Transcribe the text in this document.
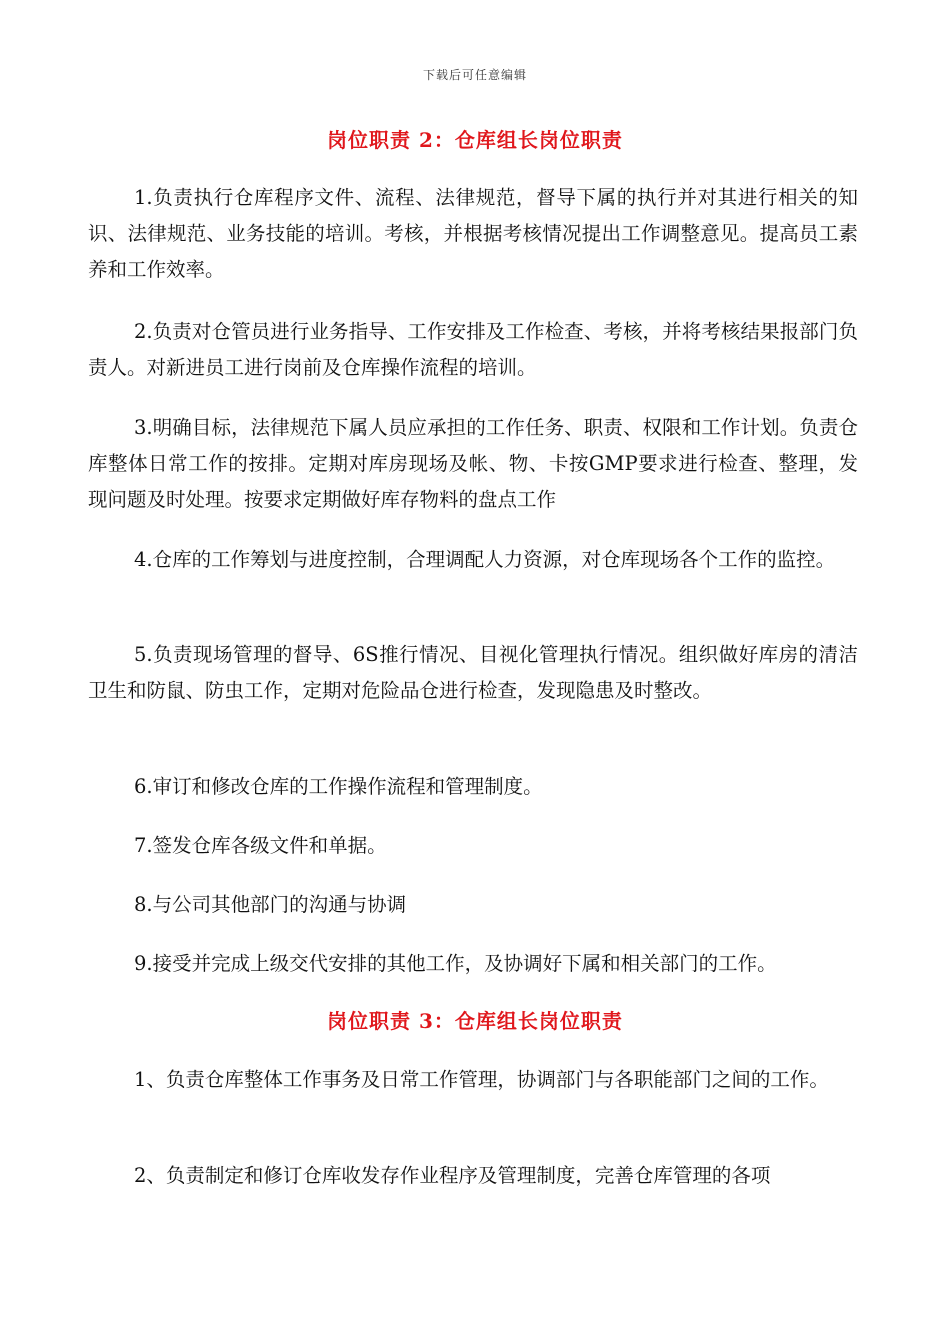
下载后可任意编辑
岗位职责 2：仓库组长岗位职责

1.负责执行仓库程序文件、流程、法律规范，督导下属的执行并对其进行相关的知识、法律规范、业务技能的培训。考核，并根据考核情况提出工作调整意见。提高员工素养和工作效率。

2.负责对仓管员进行业务指导、工作安排及工作检查、考核，并将考核结果报部门负责人。对新进员工进行岗前及仓库操作流程的培训。

3.明确目标，法律规范下属人员应承担的工作任务、职责、权限和工作计划。负责仓库整体日常工作的按排。定期对库房现场及帐、物、卡按GMP要求进行检查、整理，发现问题及时处理。按要求定期做好库存物料的盘点工作

4.仓库的工作筹划与进度控制，合理调配人力资源，对仓库现场各个工作的监控。

5.负责现场管理的督导、6S推行情况、目视化管理执行情况。组织做好库房的清洁卫生和防鼠、防虫工作，定期对危险品仓进行检查，发现隐患及时整改。

6.审订和修改仓库的工作操作流程和管理制度。

7.签发仓库各级文件和单据。

8.与公司其他部门的沟通与协调

9.接受并完成上级交代安排的其他工作，及协调好下属和相关部门的工作。

岗位职责 3：仓库组长岗位职责

1、负责仓库整体工作事务及日常工作管理，协调部门与各职能部门之间的工作。

2、负责制定和修订仓库收发存作业程序及管理制度，完善仓库管理的各项
